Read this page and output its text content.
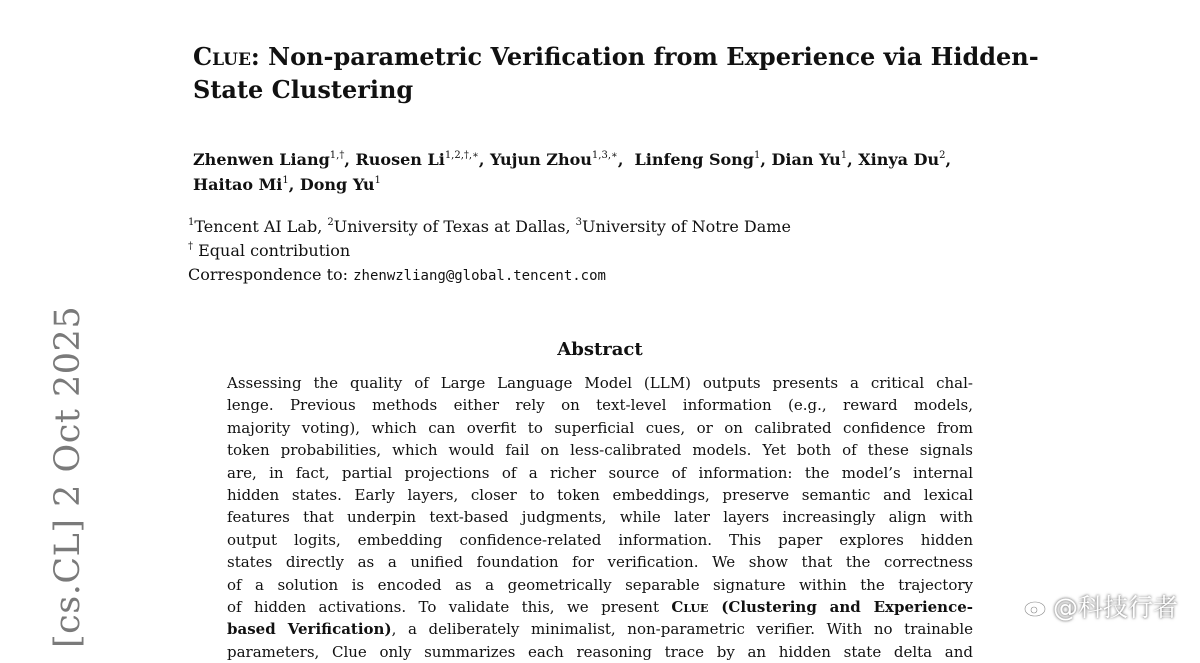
Clue: Non-parametric Verification from Experience via Hidden-State Clustering
Zhenwen Liang$^{1,\dagger}$, Ruosen $Li^{1,2,\dagger,∗}$, Yujun Zhou$^{1,3,∗}$,  Linfeng Song$^1$, Dian Yu$^1$, Xinya Du$^2$,
Haitao Mi$^1$, Dong Yu$^1$
$^1$Tencent AI Lab, $^2$University of Texas at Dallas, $^3$University of Notre Dame
† Equal contribution
Correspondence to: zhenwzliang@global.tencent.com
Abstract
Assessing the quality of Large Language Model (LLM) outputs presents a critical chal-
lenge. Previous methods either rely on text-level information (e.g., reward models,
majority voting), which can overfit to superficial cues, or on calibrated confidence from
token probabilities, which would fail on less-calibrated models. Yet both of these signals
are, in fact, partial projections of a richer source of information: the model’s internal
hidden states. Early layers, closer to token embeddings, preserve semantic and lexical
features that underpin text-based judgments, while later layers increasingly align with
output logits, embedding confidence-related information. This paper explores hidden
states directly as a unified foundation for verification. We show that the correctness
of a solution is encoded as a geometrically separable signature within the trajectory
of hidden activations. To validate this, we present Clue (Clustering and Experience-
based Verification), a deliberately minimalist, non-parametric verifier. With no trainable
parameters, Clue only summarizes each reasoning trace by an hidden state delta and
[cs.CL] 2 Oct 2025	@科技行者
